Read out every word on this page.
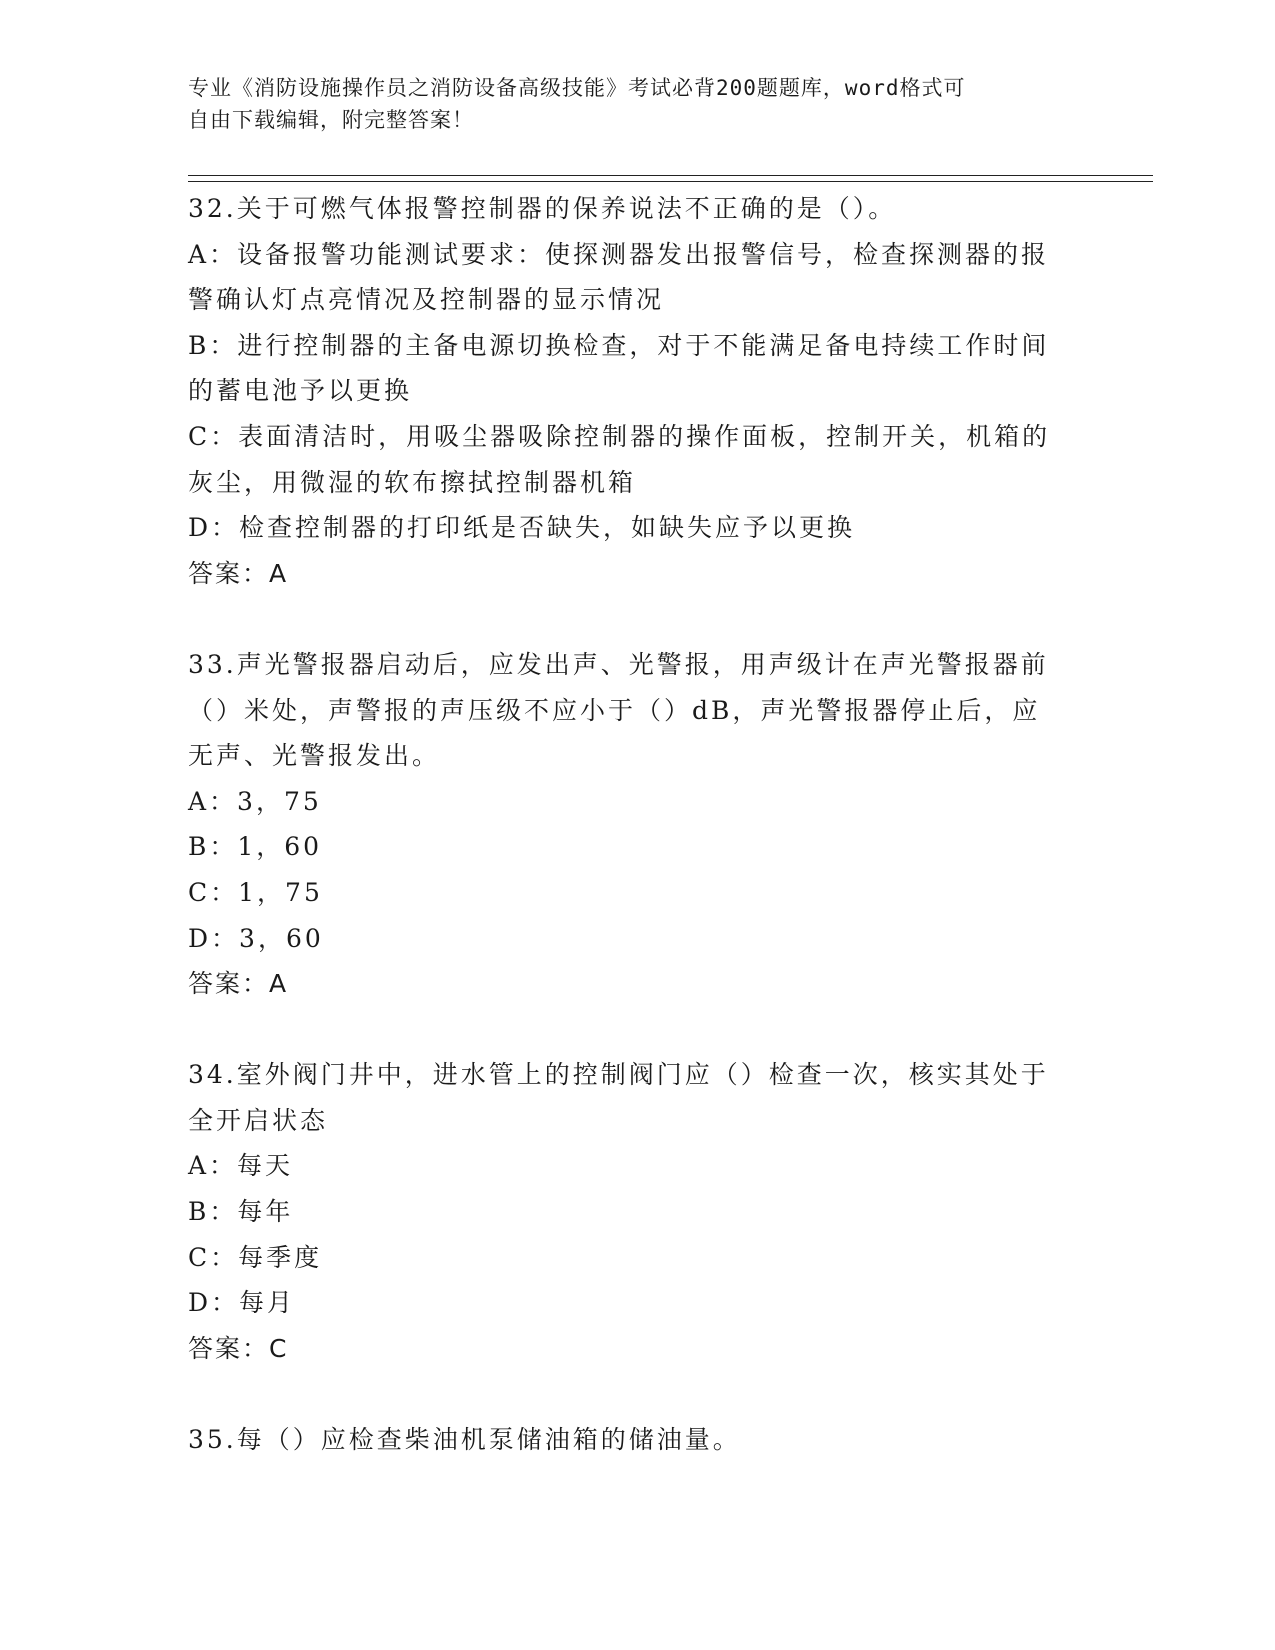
专业《消防设施操作员之消防设备高级技能》考试必背200题题库，word格式可
自由下载编辑，附完整答案！
32.关于可燃气体报警控制器的保养说法不正确的是（）。
A：设备报警功能测试要求：使探测器发出报警信号，检查探测器的报
警确认灯点亮情况及控制器的显示情况
B：进行控制器的主备电源切换检查，对于不能满足备电持续工作时间
的蓄电池予以更换
C：表面清洁时，用吸尘器吸除控制器的操作面板，控制开关，机箱的
灰尘，用微湿的软布擦拭控制器机箱
D：检查控制器的打印纸是否缺失，如缺失应予以更换
答案：A
33.声光警报器启动后，应发出声、光警报，用声级计在声光警报器前
（）米处，声警报的声压级不应小于（）dB，声光警报器停止后，应
无声、光警报发出。
A：3，75
B：1，60
C：1，75
D：3，60
答案：A
34.室外阀门井中，进水管上的控制阀门应（）检查一次，核实其处于
全开启状态
A：每天
B：每年
C：每季度
D：每月
答案：C
35.每（）应检查柴油机泵储油箱的储油量。
